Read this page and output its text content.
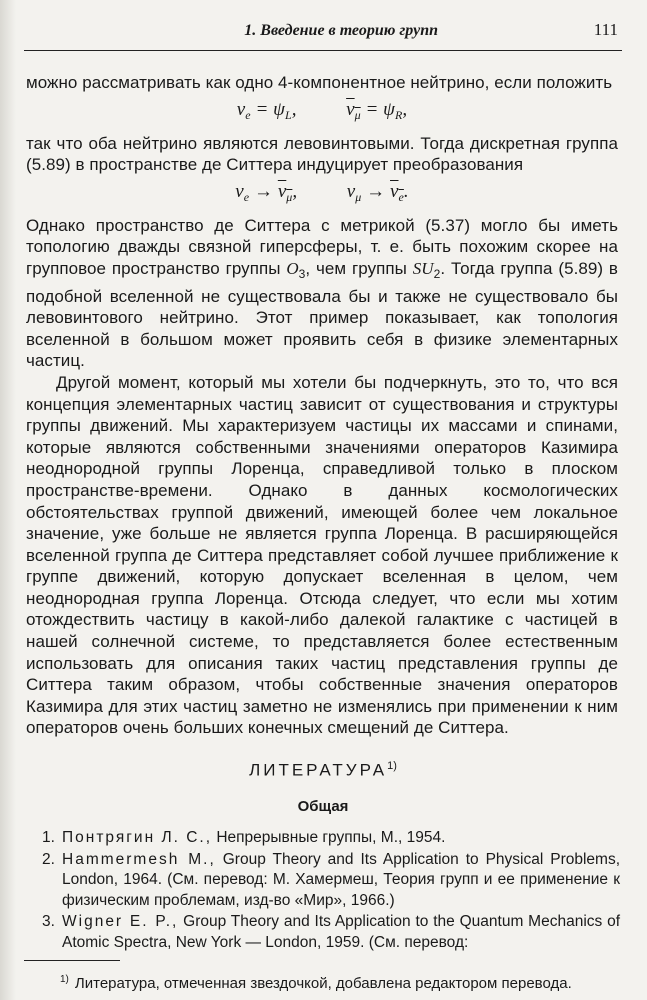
1. Введение в теорию групп	111

можно рассматривать как одно 4-компонентное нейтрино, если положить

$\nu_e = \psi_L$,  $\nu_\mu = \psi_R$,

так что оба нейтрино являются левовинтовыми. Тогда дискретная группа (5.89) в пространстве де Ситтера индуцирует преобразования

$\nu_e \to \nu_\mu$,  $\nu_\mu \to \nu_e$.

Однако пространство де Ситтера с метрикой (5.37) могло бы иметь топологию дважды связной гиперсферы, т. е. быть похожим скорее на групповое пространство группы $O_3$, чем группы $SU_2$. Тогда группа (5.89) в подобной вселенной не существовала бы и также не существовало бы левовинтового нейтрино. Этот пример показывает, как топология вселенной в большом может проявить себя в физике элементарных частиц.

Другой момент, который мы хотели бы подчеркнуть, это то, что вся концепция элементарных частиц зависит от существования и структуры группы движений. Мы характеризуем частицы их массами и спинами, которые являются собственными значениями операторов Казимира неоднородной группы Лоренца, справедливой только в плоском пространстве-времени. Однако в данных космологических обстоятельствах группой движений, имеющей более чем локальное значение, уже больше не является группа Лоренца. В расширяющейся вселенной группа де Ситтера представляет собой лучшее приближение к группе движений, которую допускает вселенная в целом, чем неоднородная группа Лоренца. Отсюда следует, что если мы хотим отождествить частицу в какой-либо далекой галактике с частицей в нашей солнечной системе, то представляется более естественным использовать для описания таких частиц представления группы де Ситтера таким образом, чтобы собственные значения операторов Казимира для этих частиц заметно не изменялись при применении к ним операторов очень больших конечных смещений де Ситтера.

ЛИТЕРАТУРА$^{1)}$
Общая
1. Понтрягин Л. С., Непрерывные группы, М., 1954.
2. Hammermesh M., Group Theory and Its Application to Physical Problems, London, 1964. (См. перевод: М. Хамермеш, Теория групп и ее применение к физическим проблемам, изд-во «Мир», 1966.)
3. Wigner E. P., Group Theory and Its Application to the Quantum Mechanics of Atomic Spectra, New York — London, 1959. (См. перевод:
$^{1)}$ Литература, отмеченная звездочкой, добавлена редактором перевода.
